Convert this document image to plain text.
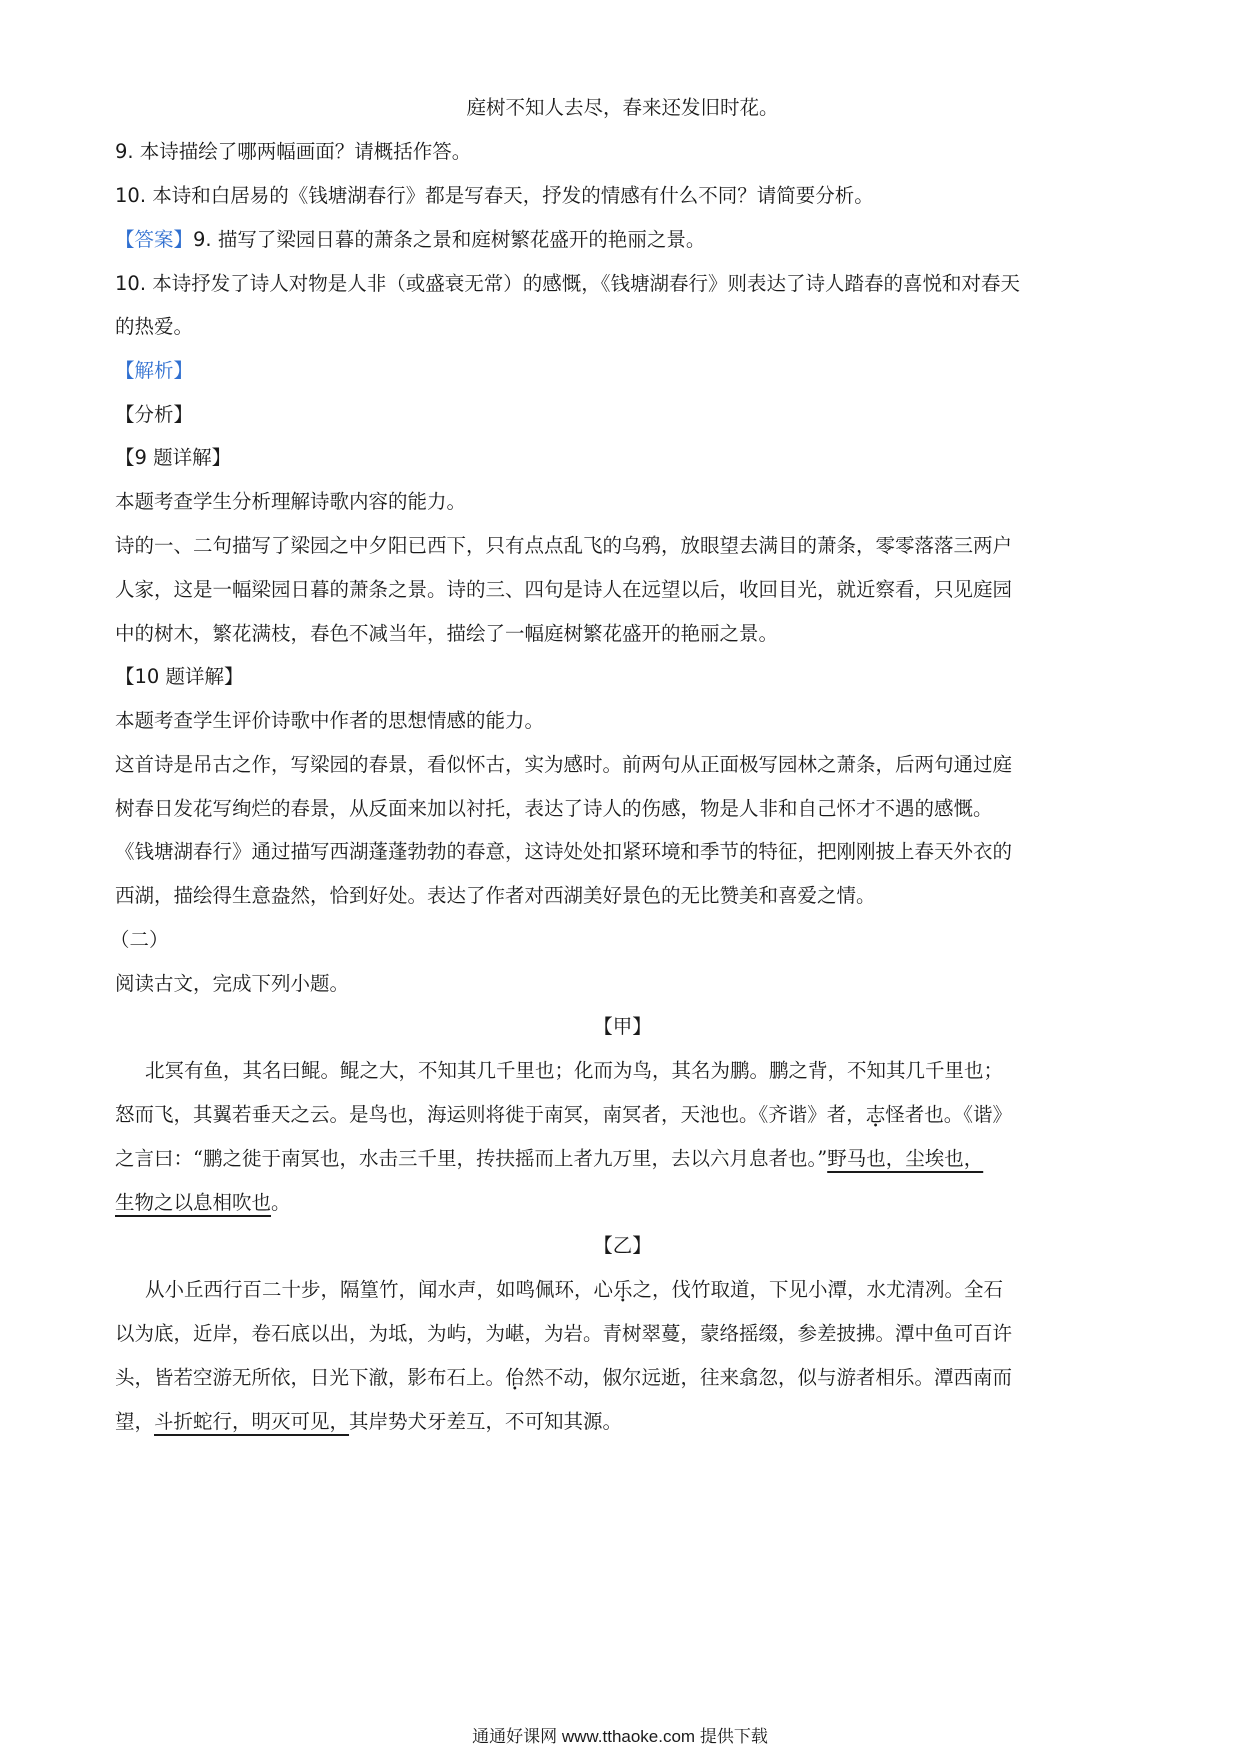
庭树不知人去尽，春来还发旧时花。
9. 本诗描绘了哪两幅画面？请概括作答。
10. 本诗和白居易的《钱塘湖春行》都是写春天，抒发的情感有什么不同？请简要分析。
【答案】9. 描写了梁园日暮的萧条之景和庭树繁花盛开的艳丽之景。
10. 本诗抒发了诗人对物是人非（或盛衰无常）的感慨，《钱塘湖春行》则表达了诗人踏春的喜悦和对春天
的热爱。
【解析】
【分析】
【9 题详解】
本题考查学生分析理解诗歌内容的能力。
诗的一、二句描写了梁园之中夕阳已西下，只有点点乱飞的乌鸦，放眼望去满目的萧条，零零落落三两户
人家，这是一幅梁园日暮的萧条之景。诗的三、四句是诗人在远望以后，收回目光，就近察看，只见庭园
中的树木，繁花满枝，春色不减当年，描绘了一幅庭树繁花盛开的艳丽之景。
【10 题详解】
本题考查学生评价诗歌中作者的思想情感的能力。
这首诗是吊古之作，写梁园的春景，看似怀古，实为感时。前两句从正面极写园林之萧条，后两句通过庭
树春日发花写绚烂的春景，从反面来加以衬托，表达了诗人的伤感，物是人非和自己怀才不遇的感慨。
《钱塘湖春行》通过描写西湖蓬蓬勃勃的春意，这诗处处扣紧环境和季节的特征，把刚刚披上春天外衣的
西湖，描绘得生意盎然，恰到好处。表达了作者对西湖美好景色的无比赞美和喜爱之情。
（二）
阅读古文，完成下列小题。
【甲】
北冥有鱼，其名曰鲲。鲲之大，不知其几千里也；化而为鸟，其名为鹏。鹏之背，不知其几千里也；
怒而飞，其翼若垂天之云。是鸟也，海运则将徙于南冥，南冥者，天池也。《齐谐》者，志怪者也。《谐》
之言曰：“鹏之徙于南冥也，水击三千里，抟扶摇而上者九万里，去以六月息者也。”野马也，尘埃也，
生物之以息相吹也。
【乙】
从小丘西行百二十步，隔篁竹，闻水声，如鸣佩环，心乐之，伐竹取道，下见小潭，水尤清冽。全石
以为底，近岸，卷石底以出，为坻，为屿，为嵁，为岩。青树翠蔓，蒙络摇缀，参差披拂。潭中鱼可百许
头，皆若空游无所依，日光下澈，影布石上。佁然不动，俶尔远逝，往来翕忽，似与游者相乐。潭西南而
望，斗折蛇行，明灭可见，其岸势犬牙差互，不可知其源。
通通好课网 www.tthaoke.com 提供下载
